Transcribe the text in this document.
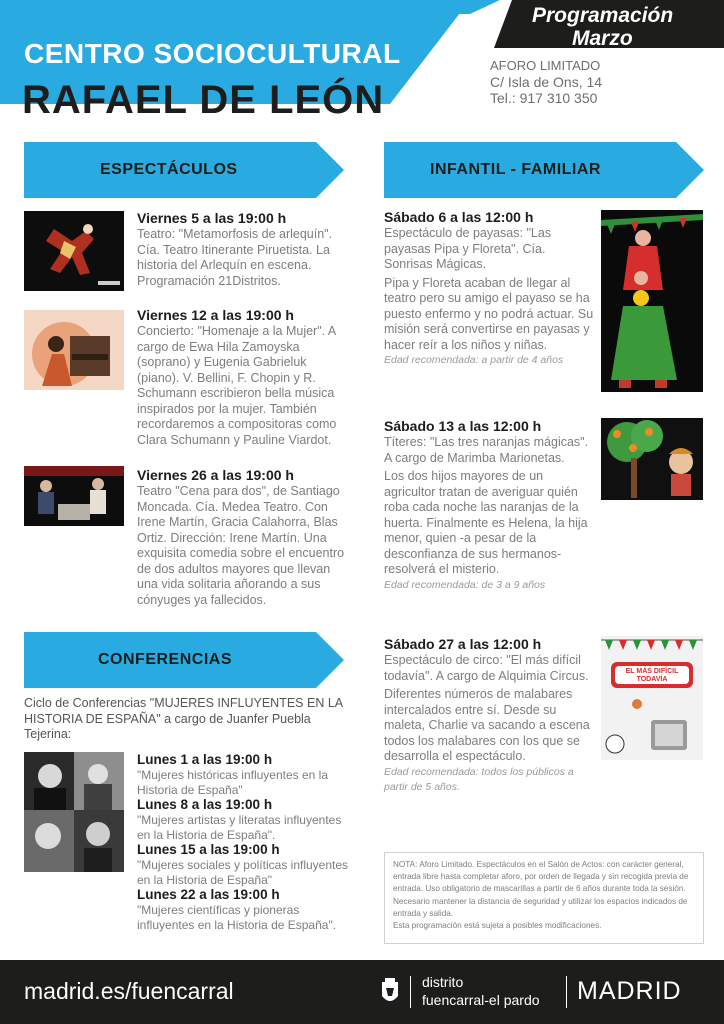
CENTRO SOCIOCULTURAL
RAFAEL DE LEÓN
Programación
Marzo
AFORO LIMITADO
C/ Isla de Ons, 14
Tel.: 917 310 350
ESPECTÁCULOS	INFANTIL - FAMILIAR
CONFERENCIAS
Viernes 5 a las 19:00 h
Teatro: "Metamorfosis de arlequín". Cía. Teatro Itinerante Piruetista. La historia del Arlequín en escena. Programación 21Distritos.
Viernes 12 a las 19:00 h
Concierto: "Homenaje a la Mujer". A cargo de Ewa Hila Zamoyska (soprano) y Eugenia Gabrieluk (piano). V. Bellini, F. Chopin y R. Schumann escribieron bella música inspirados por la mujer. También recordaremos a compositoras como Clara Schumann y Pauline Viardot.
Viernes 26 a las 19:00 h
Teatro "Cena para dos", de Santiago Moncada. Cía. Medea Teatro. Con Irene Martín, Gracia Calahorra, Blas Ortiz. Dirección: Irene Martín. Una exquisita comedia sobre el encuentro de dos adultos mayores que llevan una vida solitaria añorando a sus cónyuges ya fallecidos.
Sábado 6 a las 12:00 h
Espectáculo de payasas: "Las payasas Pipa y Floreta". Cía. Sonrisas Mágicas.
Pipa y Floreta acaban de llegar al teatro pero su amigo el payaso se ha puesto enfermo y no podrá actuar. Su misión será convertirse en payasas y hacer reír a los niños y niñas.
Edad recomendada: a partir de 4 años
Sábado 13 a las 12:00 h
Títeres: "Las tres naranjas mágicas". A cargo de Marimba Marionetas.
Los dos hijos mayores de un agricultor tratan de averiguar quién roba cada noche las naranjas de la huerta. Finalmente es Helena, la hija menor, quien -a pesar de la desconfianza de sus hermanos- resolverá el misterio.
Edad recomendada: de 3 a 9 años
Sábado 27 a las 12:00 h
Espectáculo de circo: "El más difícil todavía". A cargo de Alquimia Circus.
Diferentes números de malabares intercalados entre sí. Desde su maleta, Charlie va sacando a escena todos los malabares con los que se desarrolla el espectáculo.
Edad recomendada: todos los públicos a partir de 5 años.
EL MÁS DIFÍCIL TODAVÍA
Ciclo de Conferencias "MUJERES INFLUYENTES EN LA HISTORIA DE ESPAÑA" a cargo de Juanfer Puebla Tejerina:
Lunes 1 a las 19:00 h
"Mujeres históricas influyentes en la Historia de España"
Lunes 8 a las 19:00 h
"Mujeres artistas y literatas influyentes en la Historia de España".
Lunes 15 a las 19:00 h
"Mujeres sociales y políticas influyentes en la Historia de España"
Lunes 22 a las 19:00 h
"Mujeres científicas y pioneras influyentes en la Historia de España".
NOTA: Aforo Limitado. Espectáculos en el Salón de Actos: con carácter general, entrada libre hasta completar aforo, por orden de llegada y sin recogida previa de entrada. Uso obligatorio de mascarillas a partir de 6 años durante toda la sesión. Necesario mantener la distancia de seguridad y utilizar los espacios indicados de entrada y salida.
Esta programación está sujeta a posibles modificaciones.
madrid.es/fuencarral	distrito
fuencarral-el pardo MADRID
